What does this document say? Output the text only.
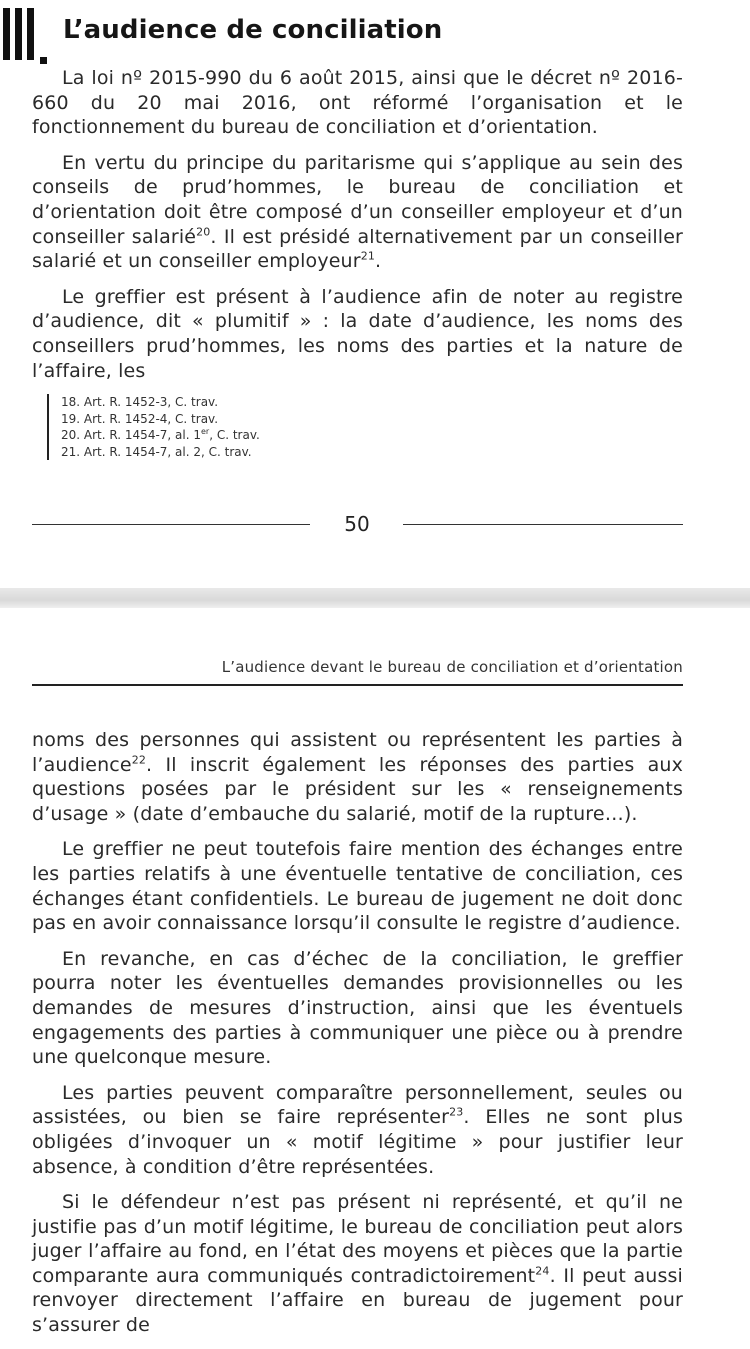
L’audience de conciliation

La loi nº 2015-990 du 6 août 2015, ainsi que le décret nº 2016-660 du 20 mai 2016, ont réformé l’organisation et le fonctionnement du bureau de conciliation et d’orientation.

En vertu du principe du paritarisme qui s’applique au sein des conseils de prud’hommes, le bureau de conciliation et d’orientation doit être composé d’un conseiller employeur et d’un conseiller salarié$^{20}$. Il est présidé alternativement par un conseiller salarié et un conseiller employeur$^{21}$.

Le greffier est présent à l’audience afin de noter au registre d’audience, dit « plumitif » : la date d’audience, les noms des conseillers prud’hommes, les noms des parties et la nature de l’affaire, les

18. Art. R. 1452-3, C. trav.
19. Art. R. 1452-4, C. trav.
20. Art. R. 1454-7, al. 1er, C. trav.
21. Art. R. 1454-7, al. 2, C. trav.
50
L’audience devant le bureau de conciliation et d’orientation

noms des personnes qui assistent ou représentent les parties à l’audience$^{22}$. Il inscrit également les réponses des parties aux questions posées par le président sur les « renseignements d’usage » (date d’embauche du salarié, motif de la rupture…).

Le greffier ne peut toutefois faire mention des échanges entre les parties relatifs à une éventuelle tentative de conciliation, ces échanges étant confidentiels. Le bureau de jugement ne doit donc pas en avoir connaissance lorsqu’il consulte le registre d’audience.

En revanche, en cas d’échec de la conciliation, le greffier pourra noter les éventuelles demandes provisionnelles ou les demandes de mesures d’instruction, ainsi que les éventuels engagements des parties à communiquer une pièce ou à prendre une quelconque mesure.

Les parties peuvent comparaître personnellement, seules ou assistées, ou bien se faire représenter$^{23}$. Elles ne sont plus obligées d’invoquer un « motif légitime » pour justifier leur absence, à condition d’être représentées.

Si le défendeur n’est pas présent ni représenté, et qu’il ne justifie pas d’un motif légitime, le bureau de conciliation peut alors juger l’affaire au fond, en l’état des moyens et pièces que la partie comparante aura communiqués contradictoirement$^{24}$. Il peut aussi renvoyer directement l’affaire en bureau de jugement pour s’assurer de
